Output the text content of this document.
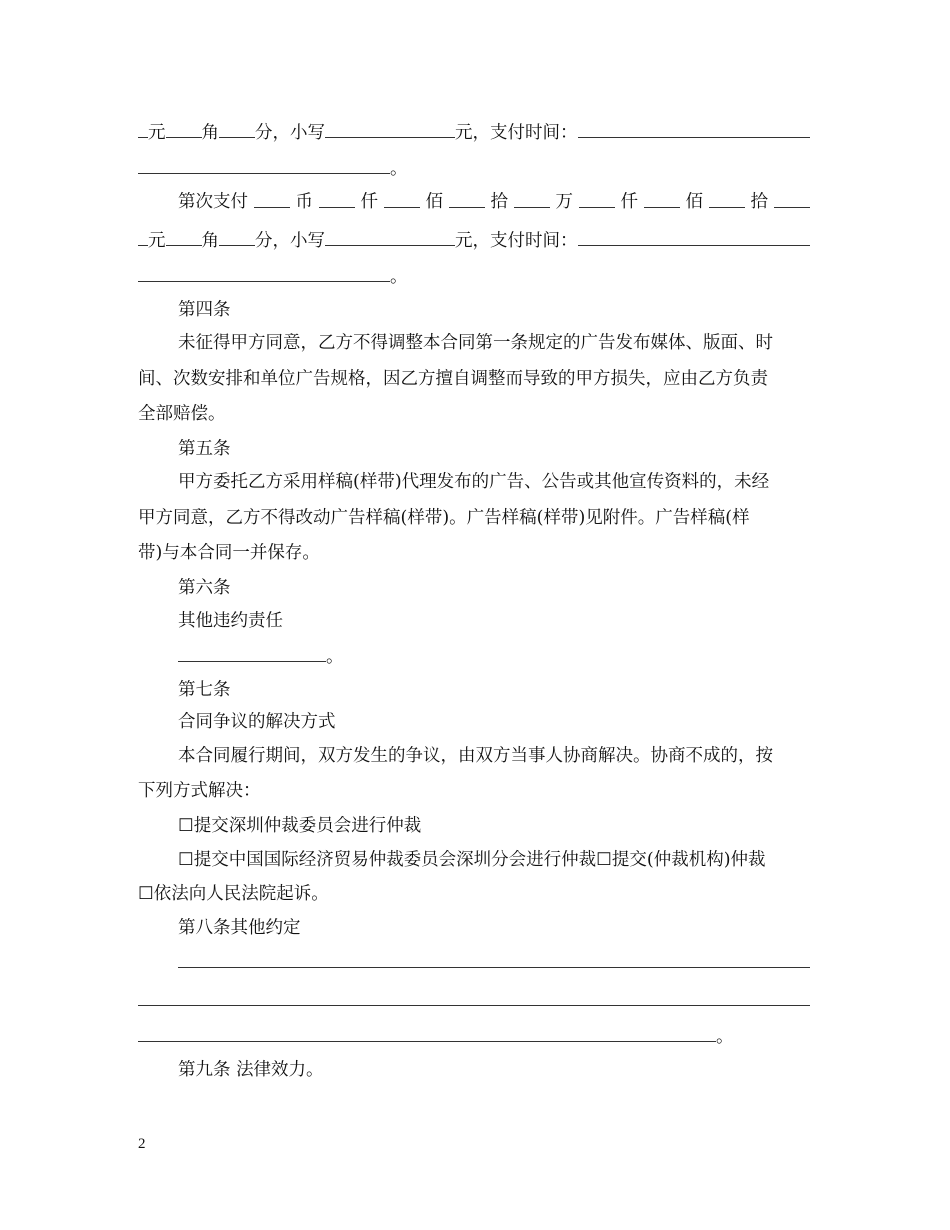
元 角 分，小写	元，支付时间：
。
第次支付	币	仟	佰	拾	万	仟	佰	拾
元 角 分，小写	元，支付时间：
。
第四条
未征得甲方同意，乙方不得调整本合同第一条规定的广告发布媒体、版面、时
间、次数安排和单位广告规格，因乙方擅自调整而导致的甲方损失，应由乙方负责
全部赔偿。
第五条
甲方委托乙方采用样稿(样带)代理发布的广告、公告或其他宣传资料的，未经
甲方同意，乙方不得改动广告样稿(样带)。广告样稿(样带)见附件。广告样稿(样
带)与本合同一并保存。
第六条
其他违约责任
。
第七条
合同争议的解决方式
本合同履行期间，双方发生的争议，由双方当事人协商解决。协商不成的，按
下列方式解决：
☐提交深圳仲裁委员会进行仲裁
☐提交中国国际经济贸易仲裁委员会深圳分会进行仲裁☐提交(仲裁机构)仲裁
☐依法向人民法院起诉。
第八条其他约定
。
第九条 法律效力。
2
